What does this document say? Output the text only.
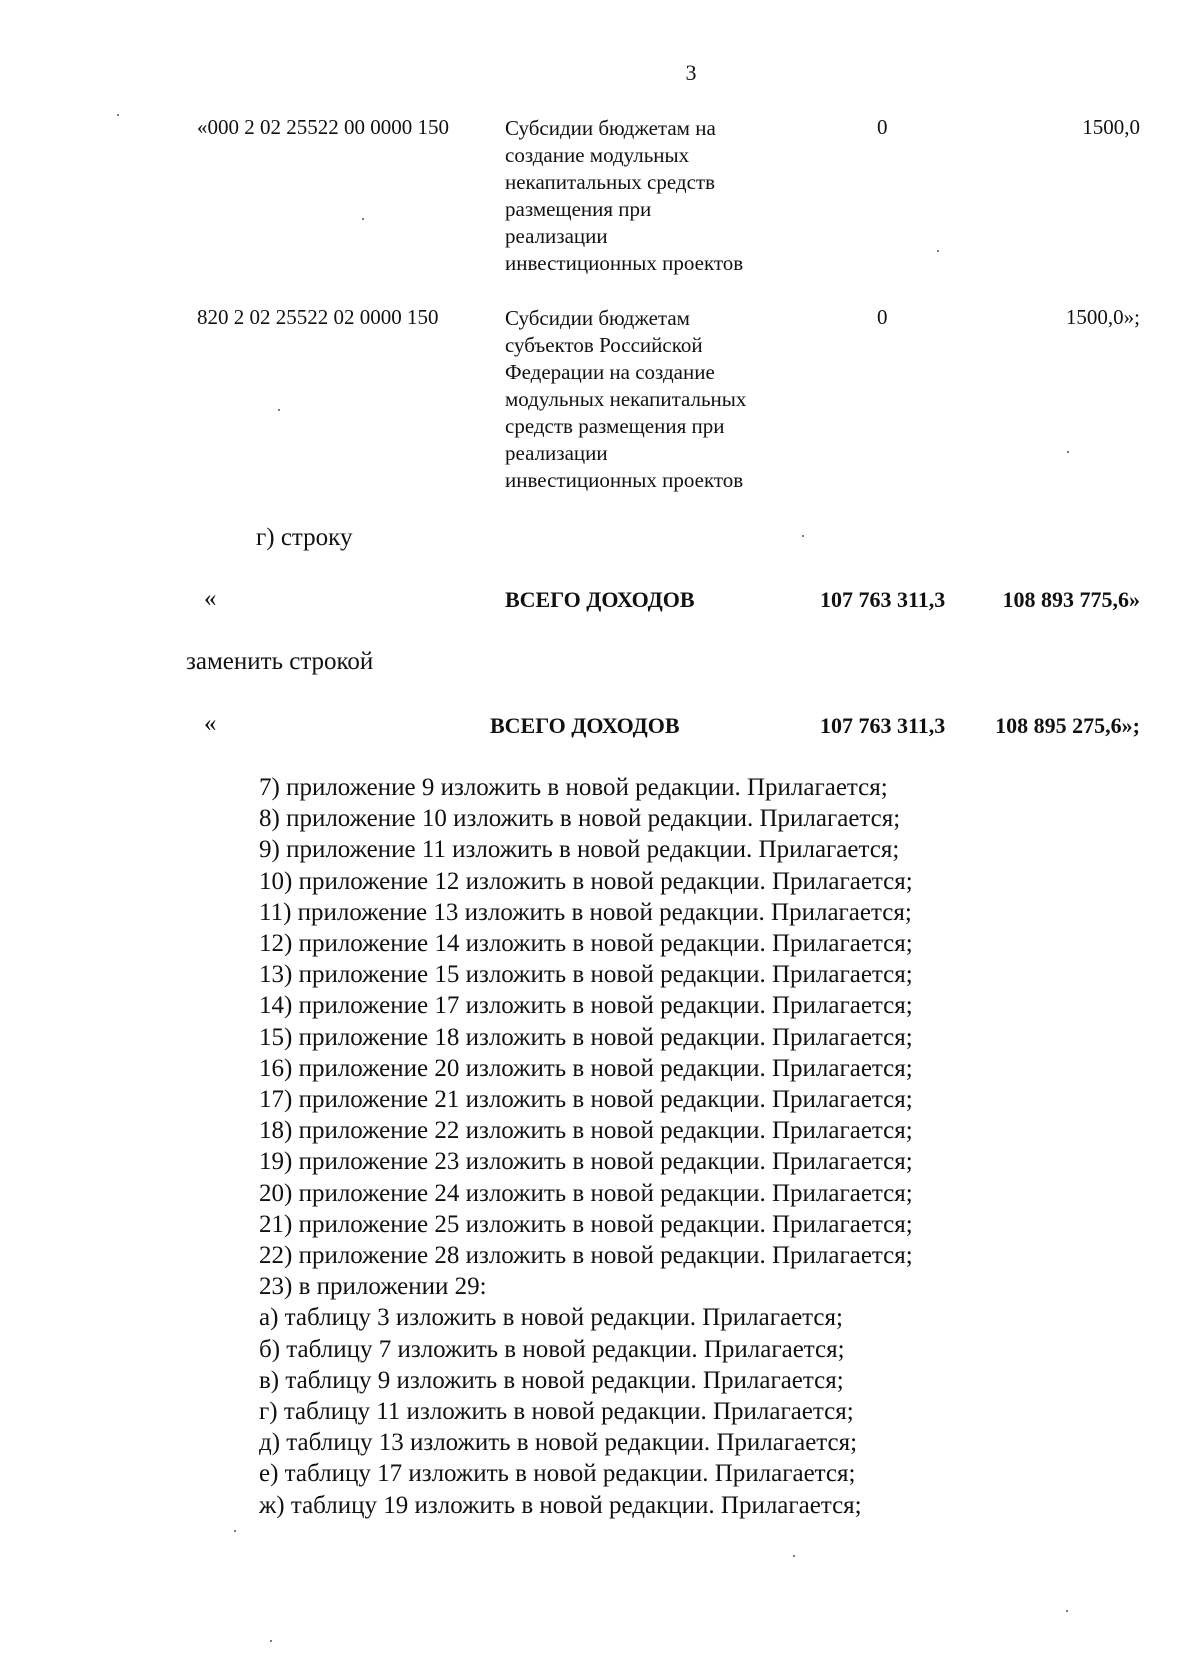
3
«000 2 02 25522 00 0000 150	Субсидии бюджетам на
создание модульных
некапитальных средств
размещения при
реализации
инвестиционных проектов
0	1500,0
820 2 02 25522 02 0000 150	Субсидии бюджетам
субъектов Российской
Федерации на создание
модульных некапитальных
средств размещения при
реализации
инвестиционных проектов
0	1500,0»;
г) строку
«	ВСЕГО ДОХОДОВ	107 763 311,3	108 893 775,6»
заменить строкой
«	ВСЕГО ДОХОДОВ	107 763 311,3	108 895 275,6»;
7) приложение 9 изложить в новой редакции. Прилагается;
8) приложение 10 изложить в новой редакции. Прилагается;
9) приложение 11 изложить в новой редакции. Прилагается;
10) приложение 12 изложить в новой редакции. Прилагается;
11) приложение 13 изложить в новой редакции. Прилагается;
12) приложение 14 изложить в новой редакции. Прилагается;
13) приложение 15 изложить в новой редакции. Прилагается;
14) приложение 17 изложить в новой редакции. Прилагается;
15) приложение 18 изложить в новой редакции. Прилагается;
16) приложение 20 изложить в новой редакции. Прилагается;
17) приложение 21 изложить в новой редакции. Прилагается;
18) приложение 22 изложить в новой редакции. Прилагается;
19) приложение 23 изложить в новой редакции. Прилагается;
20) приложение 24 изложить в новой редакции. Прилагается;
21) приложение 25 изложить в новой редакции. Прилагается;
22) приложение 28 изложить в новой редакции. Прилагается;
23) в приложении 29:
а) таблицу 3 изложить в новой редакции. Прилагается;
б) таблицу 7 изложить в новой редакции. Прилагается;
в) таблицу 9 изложить в новой редакции. Прилагается;
г) таблицу 11 изложить в новой редакции. Прилагается;
д) таблицу 13 изложить в новой редакции. Прилагается;
е) таблицу 17 изложить в новой редакции. Прилагается;
ж) таблицу 19 изложить в новой редакции. Прилагается;
